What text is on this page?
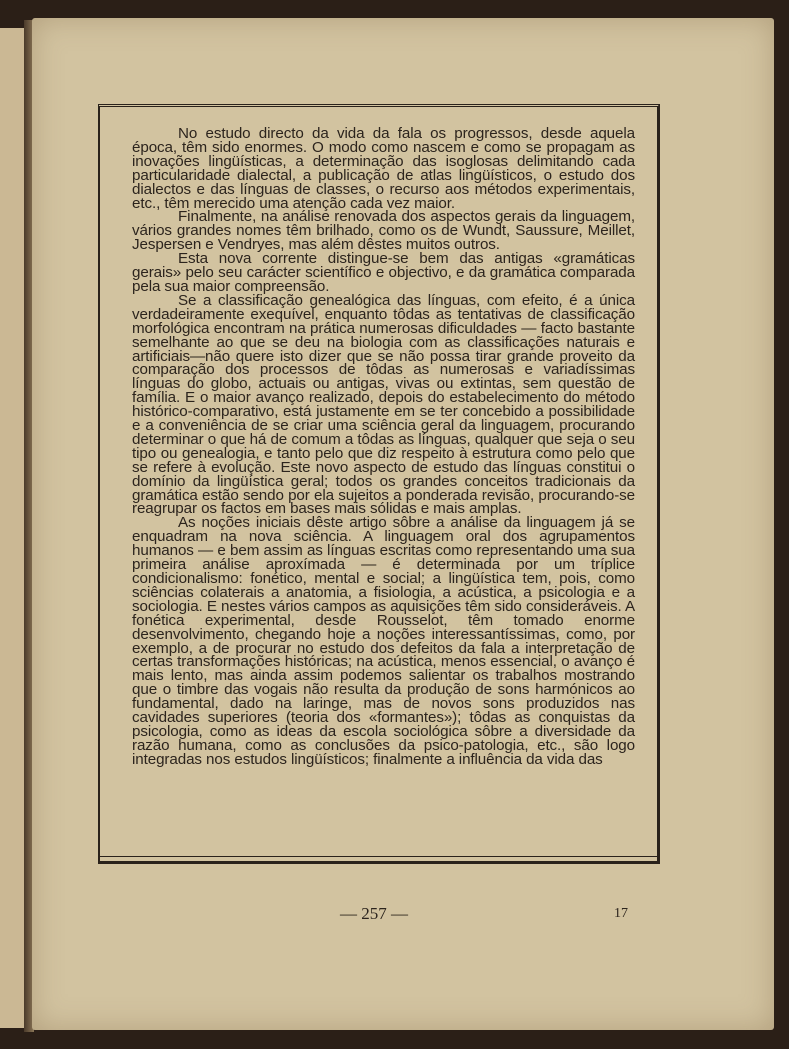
No estudo directo da vida da fala os progressos, desde aquela época, têm sido enormes. O modo como nascem e como se propagam as inovações lingüísticas, a determinação das isoglosas delimitando cada particularidade dialectal, a publicação de atlas lingüísticos, o estudo dos dialectos e das línguas de classes, o recurso aos métodos experimentais, etc., têm merecido uma atenção cada vez maior.

Finalmente, na análise renovada dos aspectos gerais da linguagem, vários grandes nomes têm brilhado, como os de Wundt, Saussure, Meillet, Jespersen e Vendryes, mas além dêstes muitos outros.

Esta nova corrente distingue-se bem das antigas «gramáticas gerais» pelo seu carácter scientífico e objectivo, e da gramática comparada pela sua maior compreensão.

Se a classificação genealógica das línguas, com efeito, é a única verdadeiramente exequível, enquanto tôdas as tentativas de classificação morfológica encontram na prática numerosas dificuldades — facto bastante semelhante ao que se deu na biologia com as classificações naturais e artificiais—não quere isto dizer que se não possa tirar grande proveito da comparação dos processos de tôdas as numerosas e variadíssimas línguas do globo, actuais ou antigas, vivas ou extintas, sem questão de família. E o maior avanço realizado, depois do estabelecimento do método histórico-comparativo, está justamente em se ter concebido a possibilidade e a conveniência de se criar uma sciência geral da linguagem, procurando determinar o que há de comum a tôdas as línguas, qualquer que seja o seu tipo ou genealogia, e tanto pelo que diz respeito à estrutura como pelo que se refere à evolução. Este novo aspecto de estudo das línguas constitui o domínio da lingüística geral; todos os grandes conceitos tradicionais da gramática estão sendo por ela sujeitos a ponderada revisão, procurando-se reagrupar os factos em bases mais sólidas e mais amplas.

As noções iniciais dêste artigo sôbre a análise da linguagem já se enquadram na nova sciência. A linguagem oral dos agrupamentos humanos — e bem assim as línguas escritas como representando uma sua primeira análise aproxímada — é determinada por um tríplice condicionalismo: fonético, mental e social; a lingüística tem, pois, como sciências colaterais a anatomia, a fisiologia, a acústica, a psicologia e a sociologia. E nestes vários campos as aquisições têm sido consideráveis. A fonética experimental, desde Rousselot, têm tomado enorme desenvolvimento, chegando hoje a noções interessantíssimas, como, por exemplo, a de procurar no estudo dos defeitos da fala a interpretação de certas transformações históricas; na acústica, menos essencial, o avanço é mais lento, mas ainda assim podemos salientar os trabalhos mostrando que o timbre das vogais não resulta da produção de sons harmónicos ao fundamental, dado na laringe, mas de novos sons produzidos nas cavidades superiores (teoria dos «formantes»); tôdas as conquistas da psicologia, como as ideas da escola sociológica sôbre a diversidade da razão humana, como as conclusões da psico-patologia, etc., são logo integradas nos estudos lingüísticos; finalmente a influência da vida das

— 257 —	17
